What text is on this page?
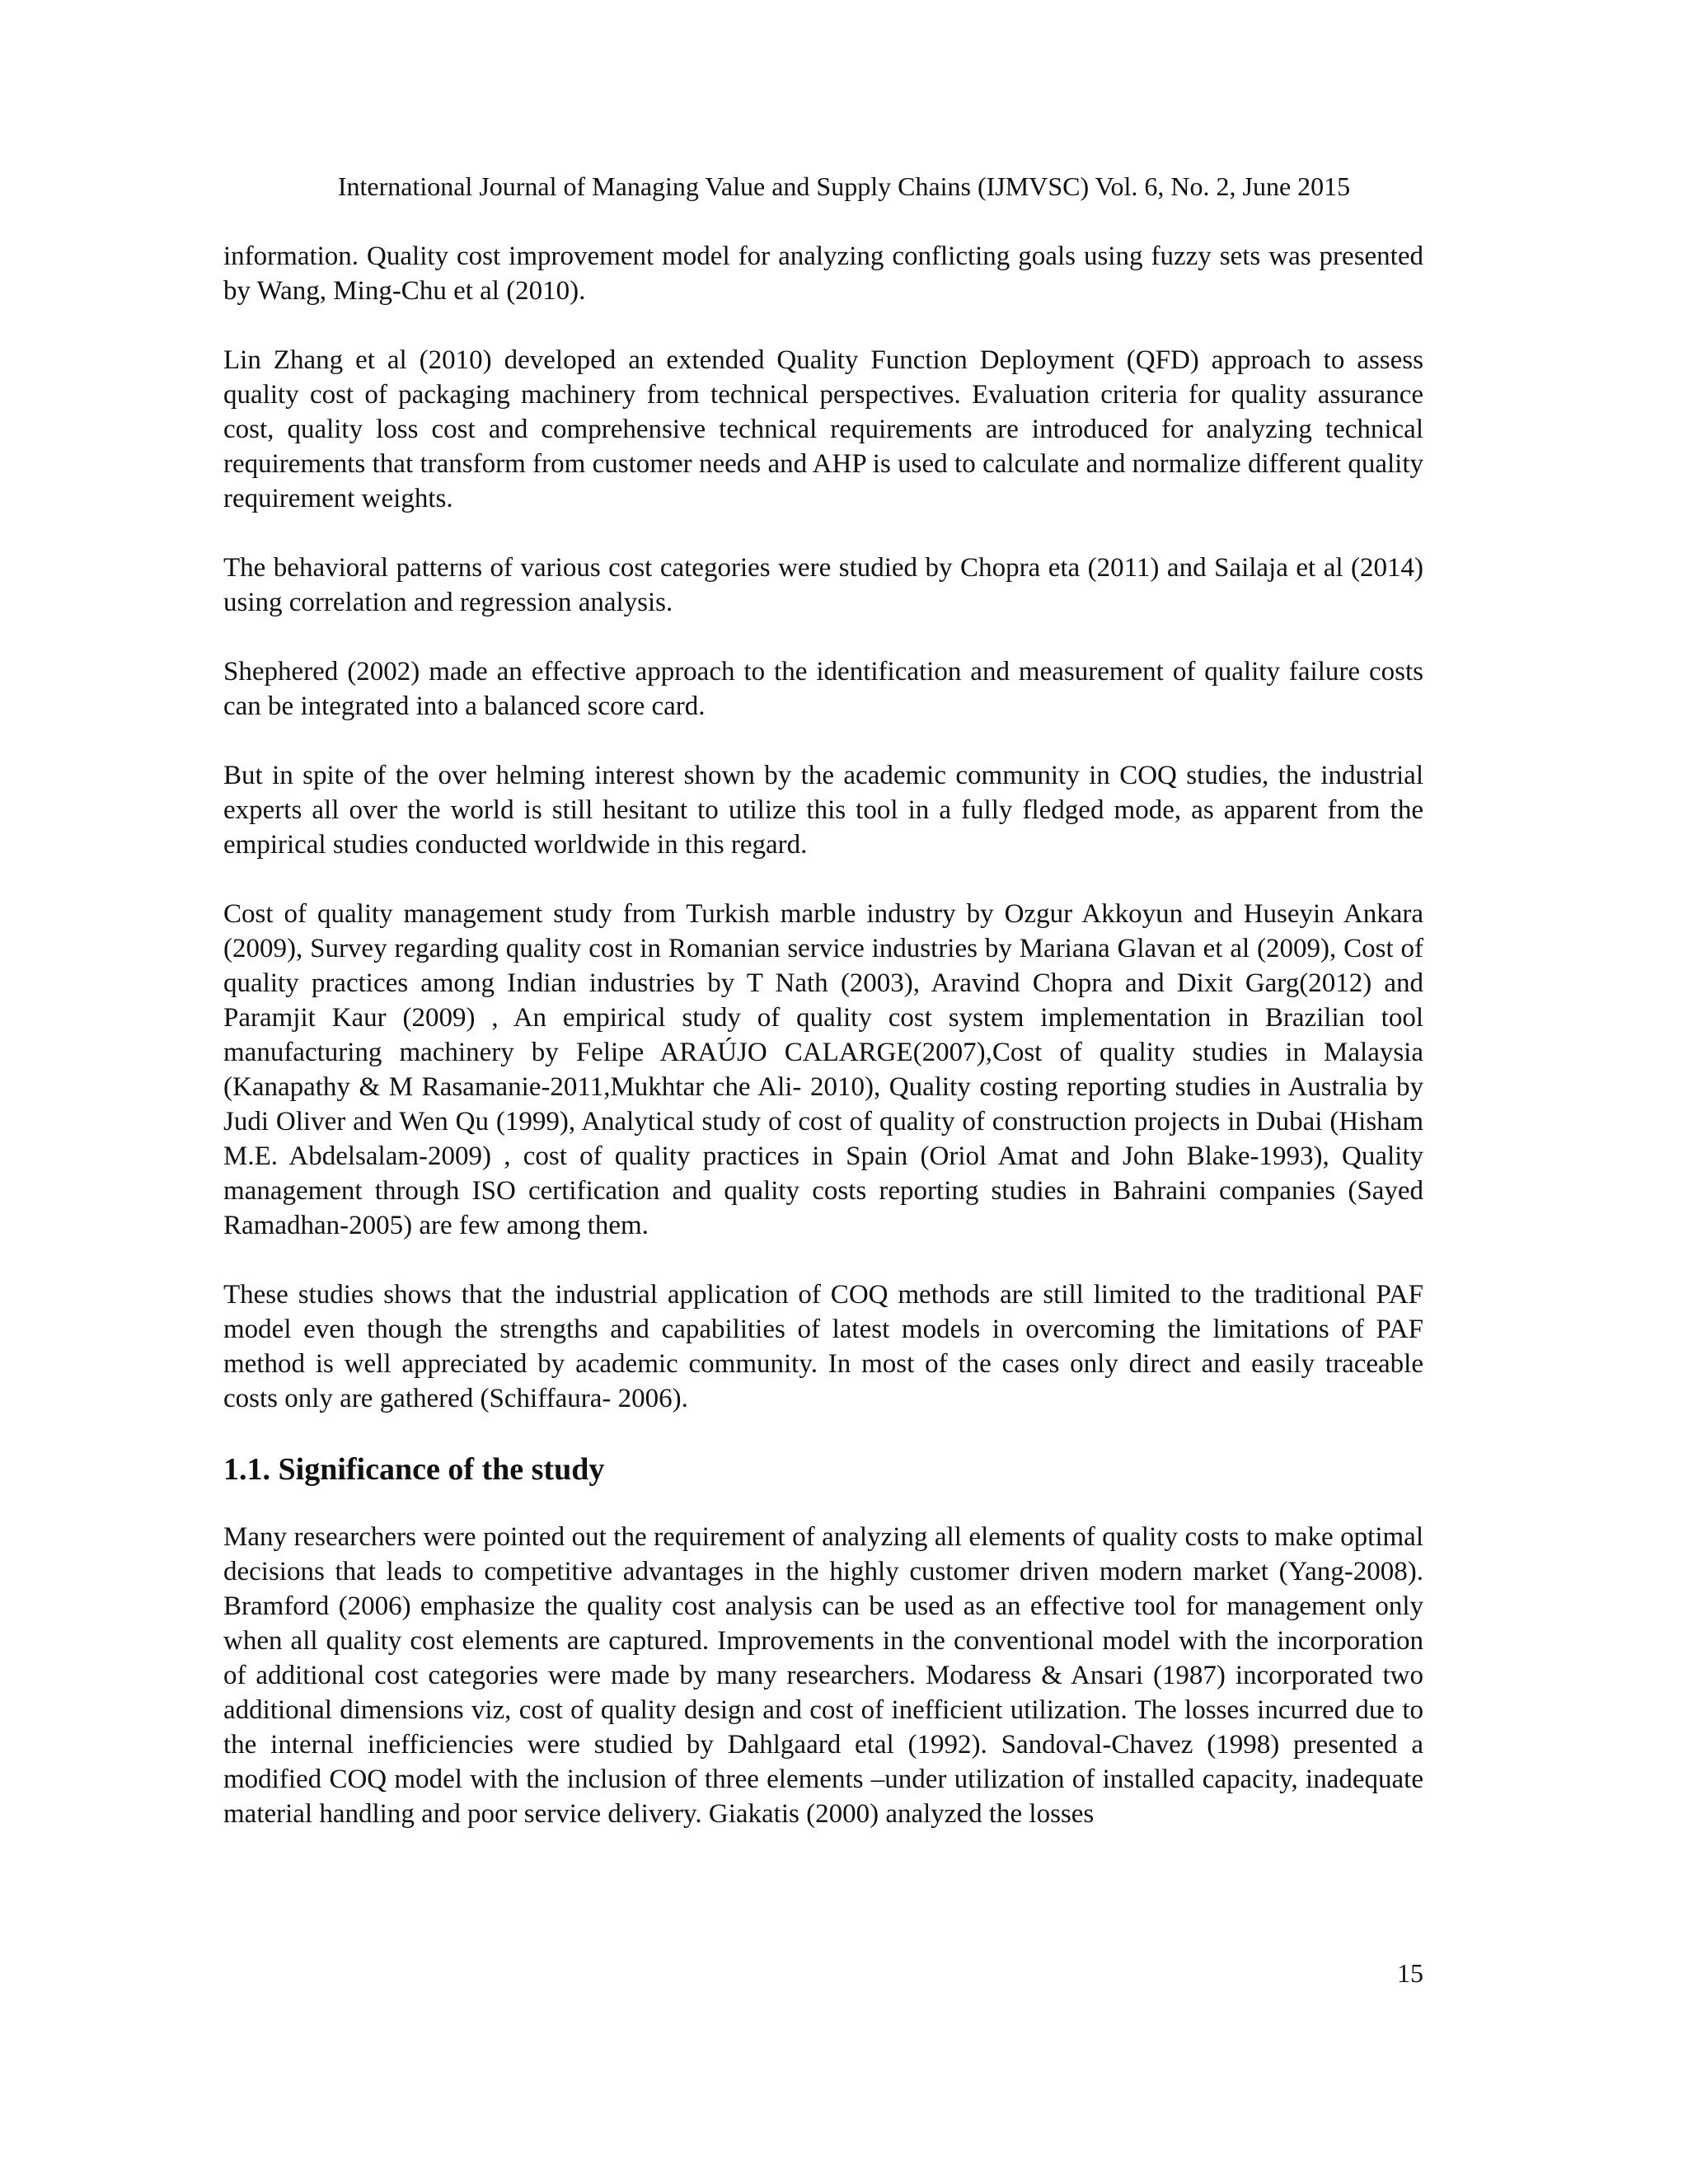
International Journal of Managing Value and Supply Chains (IJMVSC) Vol. 6, No. 2, June 2015

information. Quality cost improvement model for analyzing conflicting goals using fuzzy sets was presented by Wang, Ming-Chu et al (2010).

Lin Zhang et al (2010) developed an extended Quality Function Deployment (QFD) approach to assess quality cost of packaging machinery from technical perspectives. Evaluation criteria for quality assurance cost, quality loss cost and comprehensive technical requirements are introduced for analyzing technical requirements that transform from customer needs and AHP is used to calculate and normalize different quality requirement weights.

The behavioral patterns of various cost categories were studied by Chopra eta (2011) and Sailaja et al (2014) using correlation and regression analysis.

Shephered (2002) made an effective approach to the identification and measurement of quality failure costs can be integrated into a balanced score card.

But in spite of the over helming interest shown by the academic community in COQ studies, the industrial experts all over the world is still hesitant to utilize this tool in a fully fledged mode, as apparent from the empirical studies conducted worldwide in this regard.

Cost of quality management study from Turkish marble industry by Ozgur Akkoyun and Huseyin Ankara (2009), Survey regarding quality cost in Romanian service industries by Mariana Glavan et al (2009), Cost of quality practices among Indian industries by T Nath (2003), Aravind Chopra and Dixit Garg(2012) and Paramjit Kaur (2009) , An empirical study of quality cost system implementation in Brazilian tool manufacturing machinery by Felipe ARAÚJO CALARGE(2007),Cost of quality studies in Malaysia (Kanapathy & M Rasamanie-2011,Mukhtar che Ali- 2010), Quality costing reporting studies in Australia by Judi Oliver and Wen Qu (1999), Analytical study of cost of quality of construction projects in Dubai (Hisham M.E. Abdelsalam-2009) , cost of quality practices in Spain (Oriol Amat and John Blake-1993), Quality management through ISO certification and quality costs reporting studies in Bahraini companies (Sayed Ramadhan-2005) are few among them.

These studies shows that the industrial application of COQ methods are still limited to the traditional PAF model even though the strengths and capabilities of latest models in overcoming the limitations of PAF method is well appreciated by academic community. In most of the cases only direct and easily traceable costs only are gathered (Schiffaura- 2006).

1.1. Significance of the study

Many researchers were pointed out the requirement of analyzing all elements of quality costs to make optimal decisions that leads to competitive advantages in the highly customer driven modern market (Yang-2008). Bramford (2006) emphasize the quality cost analysis can be used as an effective tool for management only when all quality cost elements are captured. Improvements in the conventional model with the incorporation of additional cost categories were made by many researchers. Modaress & Ansari (1987) incorporated two additional dimensions viz, cost of quality design and cost of inefficient utilization. The losses incurred due to the internal inefficiencies were studied by Dahlgaard etal (1992). Sandoval-Chavez (1998) presented a modified COQ model with the inclusion of three elements –under utilization of installed capacity, inadequate material handling and poor service delivery. Giakatis (2000) analyzed the losses

15
